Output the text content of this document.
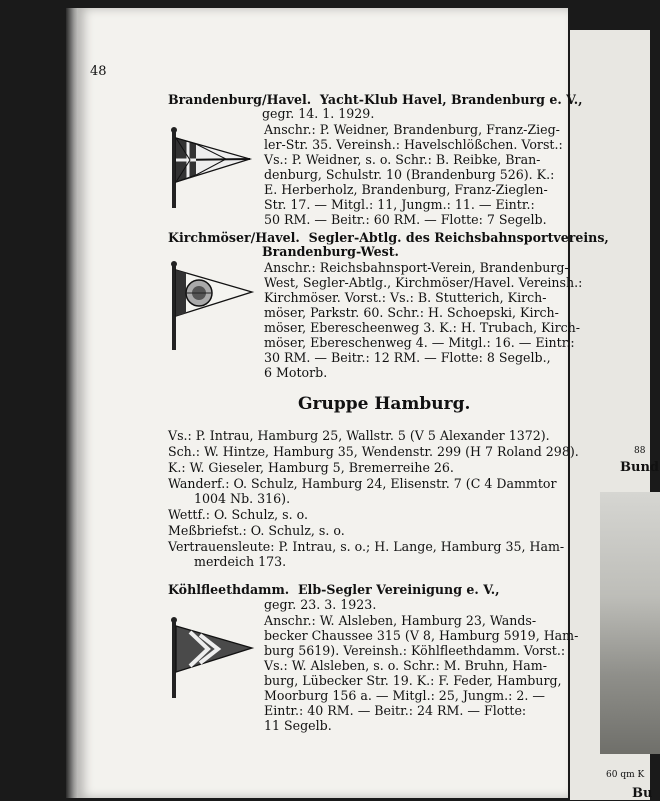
88
Bund
60 qm K
Bu
48
Brandenburg/Havel. Yacht-Klub Havel, Brandenburg e. V.,
gegr. 14. 1. 1929.
Anschr.: P. Weidner, Brandenburg, Franz-Zieg-
ler-Str. 35. Vereinsh.: Havelschlößchen. Vorst.:
Vs.: P. Weidner, s. o. Schr.: B. Reibke, Bran-
denburg, Schulstr. 10 (Brandenburg 526). K.:
E. Herberholz, Brandenburg, Franz-Zieglen-
Str. 17. — Mitgl.: 11, Jungm.: 11. — Eintr.:
50 RM. — Beitr.: 60 RM. — Flotte: 7 Segelb.
Kirchmöser/Havel. Segler-Abtlg. des Reichsbahnsportvereins,
Brandenburg-West.
Anschr.: Reichsbahnsport-Verein, Brandenburg-
West, Segler-Abtlg., Kirchmöser/Havel. Vereinsh.:
Kirchmöser. Vorst.: Vs.: B. Stutterich, Kirch-
möser, Parkstr. 60. Schr.: H. Schoepski, Kirch-
möser, Eberescheenweg 3. K.: H. Trubach, Kirch-
möser, Ebereschenweg 4. — Mitgl.: 16. — Eintr.:
30 RM. — Beitr.: 12 RM. — Flotte: 8 Segelb.,
6 Motorb.
Gruppe Hamburg.
Vs.: P. Intrau, Hamburg 25, Wallstr. 5 (V 5 Alexander 1372).
Sch.: W. Hintze, Hamburg 35, Wendenstr. 299 (H 7 Roland 298).
K.: W. Gieseler, Hamburg 5, Bremerreihe 26.
Wanderf.: O. Schulz, Hamburg 24, Elisenstr. 7 (C 4 Dammtor
1004 Nb. 316).
Wettf.: O. Schulz, s. o.
Meßbriefst.: O. Schulz, s. o.
Vertrauensleute: P. Intrau, s. o.; H. Lange, Hamburg 35, Ham-
merdeich 173.
Köhlfleethdamm. Elb-Segler Vereinigung e. V.,
gegr. 23. 3. 1923.
Anschr.: W. Alsleben, Hamburg 23, Wands-
becker Chaussee 315 (V 8, Hamburg 5919, Ham-
burg 5619). Vereinsh.: Köhlfleethdamm. Vorst.:
Vs.: W. Alsleben, s. o. Schr.: M. Bruhn, Ham-
burg, Lübecker Str. 19. K.: F. Feder, Hamburg,
Moorburg 156 a. — Mitgl.: 25, Jungm.: 2. —
Eintr.: 40 RM. — Beitr.: 24 RM. — Flotte:
11 Segelb.
